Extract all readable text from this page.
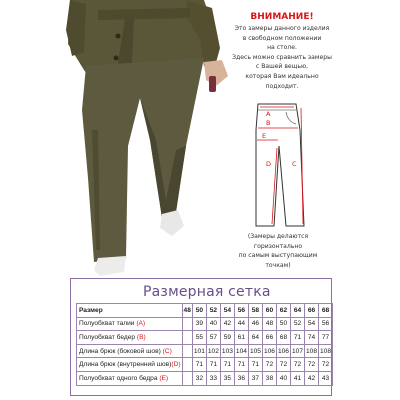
ВНИМАНИЕ!
Это замеры данного изделия
в свободном положении
на столе.
Здесь можно сравнить замеры
с Вашей вещью,
которая Вам идеально
подходит.
A
B
E
C
D
(Замеры делаются
горизонтально
по самым выступающим
точкам)
Размерная сетка
Размер	48	50	52	54	56	58	60	62	64	66	68
Полуобхват талии (А)		39	40	42	44	46	48	50	52	54	56
Полуобхват бедер (В)		55	57	59	61	64	66	68	71	74	77
Длина брюк (боковой шов) (С)		101	102	103	104	105	106	106	107	108	108
Длина брюк (внутренний шов)(D)		71	71	71	71	71	72	72	72	72	72
Полуобхват одного бедра (Е)		32	33	35	36	37	38	40	41	42	43
